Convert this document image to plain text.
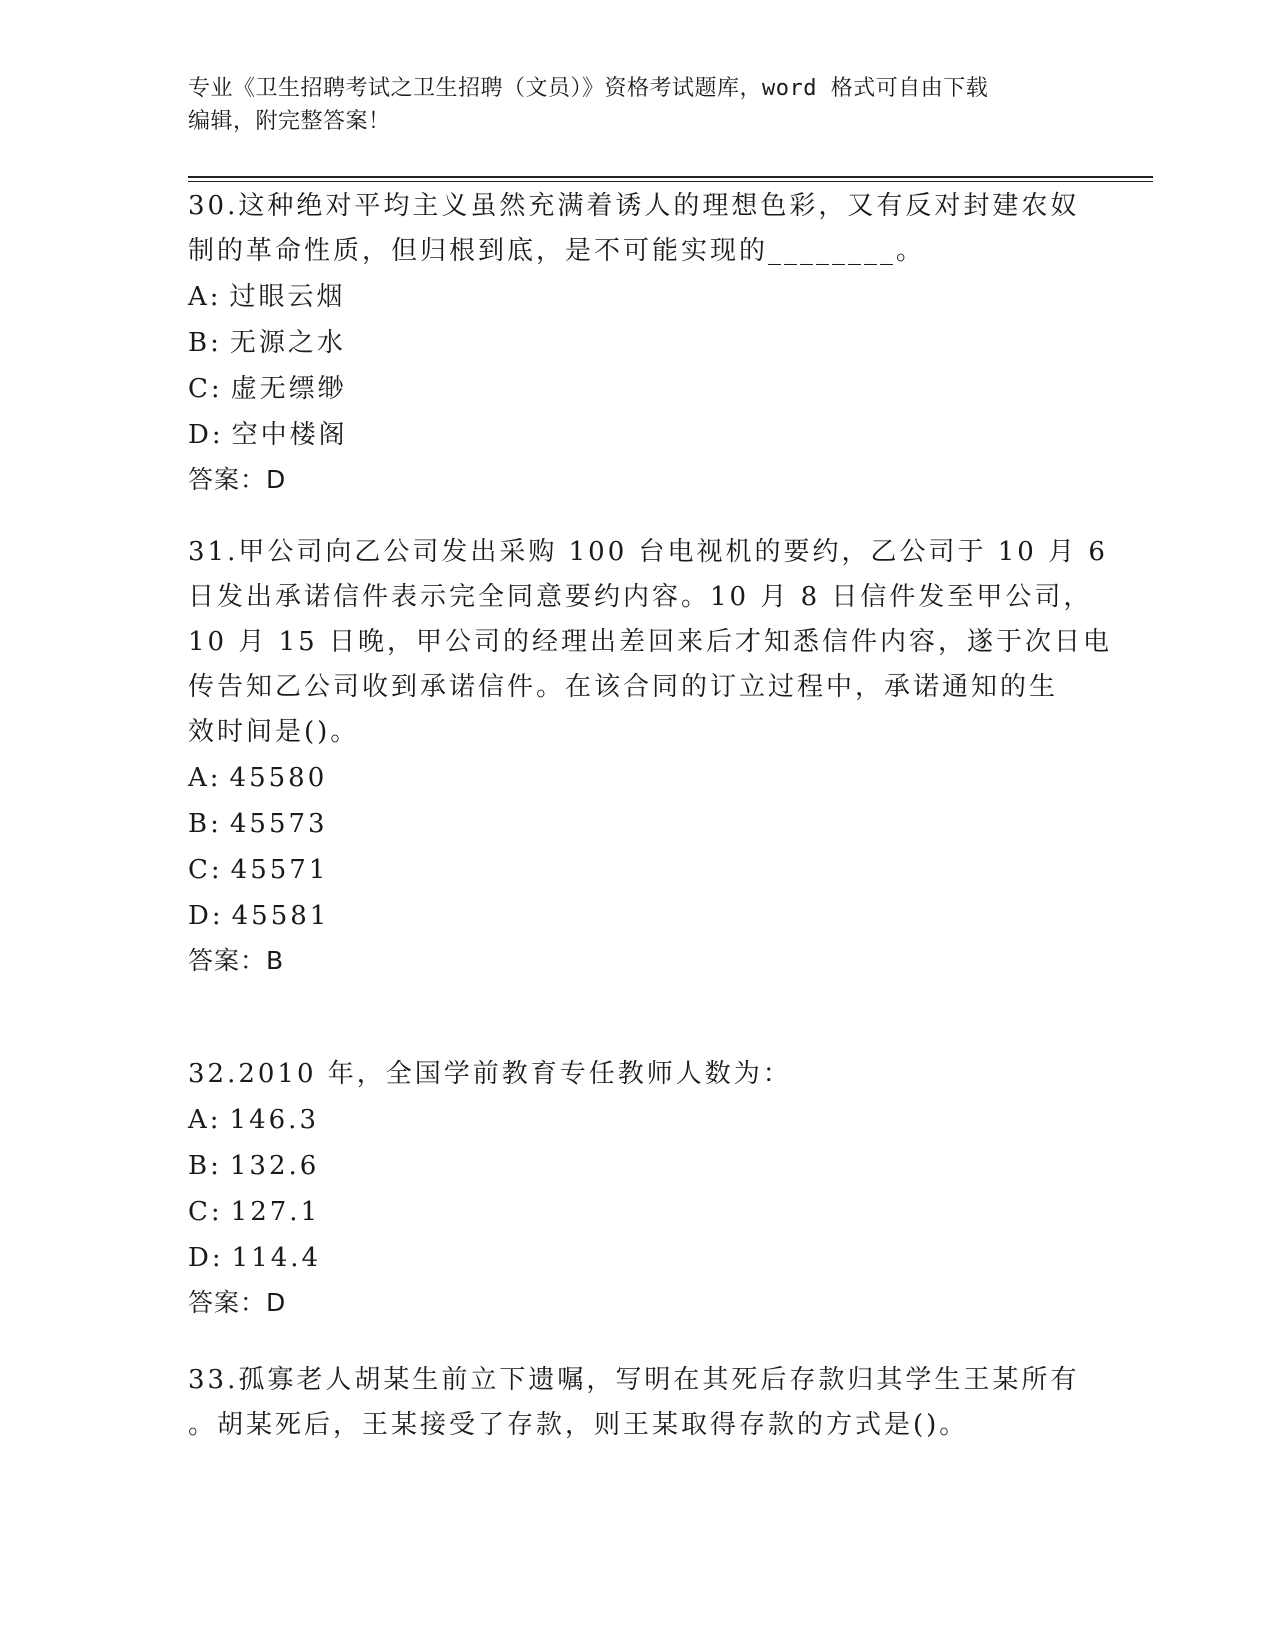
专业《卫生招聘考试之卫生招聘（文员）》资格考试题库，word 格式可自由下载
编辑，附完整答案！
30.这种绝对平均主义虽然充满着诱人的理想色彩，又有反对封建农奴
制的革命性质，但归根到底，是不可能实现的________。
A: 过眼云烟
B: 无源之水
C: 虚无缥缈
D: 空中楼阁
答案：D
31.甲公司向乙公司发出采购 100 台电视机的要约，乙公司于 10 月 6
日发出承诺信件表示完全同意要约内容。10 月 8 日信件发至甲公司，
10 月 15 日晚，甲公司的经理出差回来后才知悉信件内容，遂于次日电
传告知乙公司收到承诺信件。在该合同的订立过程中，承诺通知的生
效时间是()。
A: 45580
B: 45573
C: 45571
D: 45581
答案：B
32.2010 年，全国学前教育专任教师人数为：
A: 146.3
B: 132.6
C: 127.1
D: 114.4
答案：D
33.孤寡老人胡某生前立下遗嘱，写明在其死后存款归其学生王某所有
。胡某死后，王某接受了存款，则王某取得存款的方式是()。
